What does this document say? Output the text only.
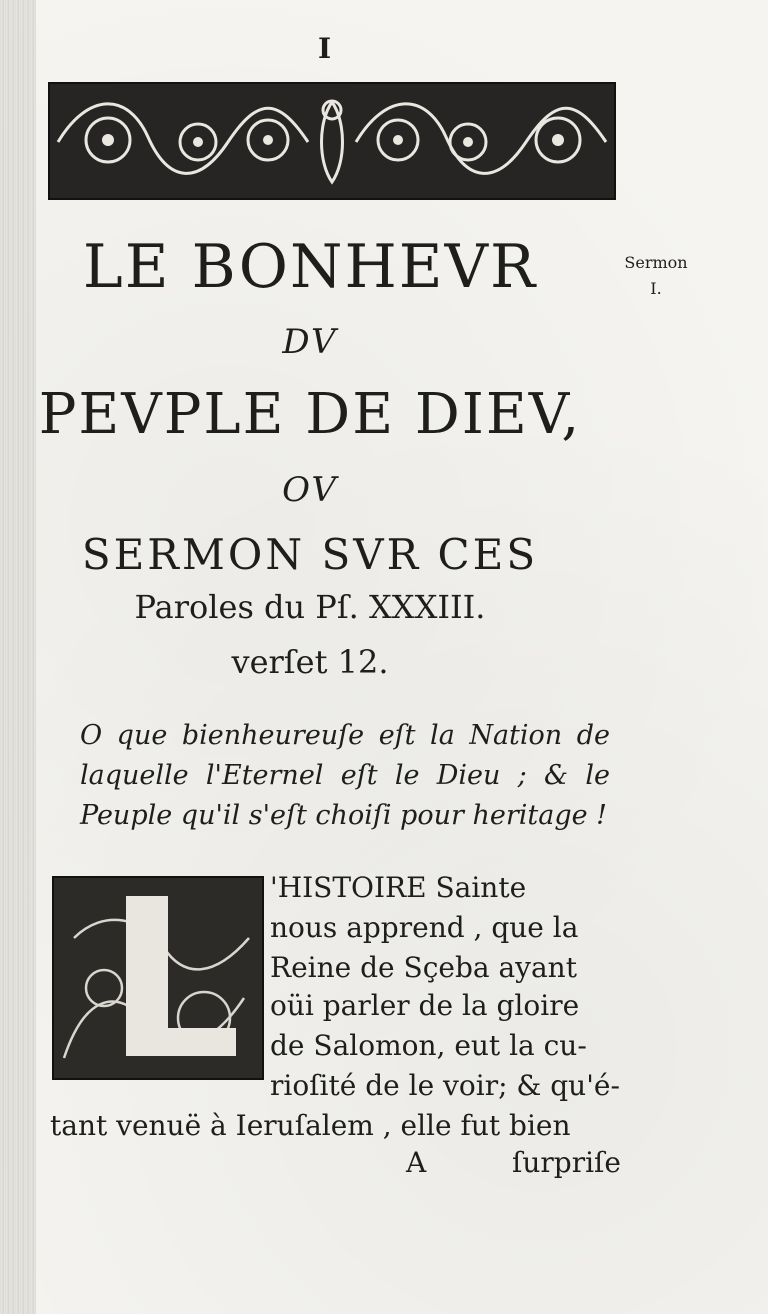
I
LE BONHEVR
DV
PEVPLE DE DIEV,
OV
SERMON SVR CES
Paroles du Pſ. XXXIII.
verſet 12.
Sermon
I.
O que bienheureuſe eſt la Nation de laquelle l'Eternel eſt le Dieu ; & le Peuple qu'il s'eſt choiſi pour heritage !
'HISTOIRE Sainte
nous apprend , que la
Reine de Sçeba ayant
oüi parler de la gloire
de Salomon, eut la cu-
rioſité de le voir; & qu'é-
tant venuë à Ieruſalem , elle fut bien
A	ſurpriſe
